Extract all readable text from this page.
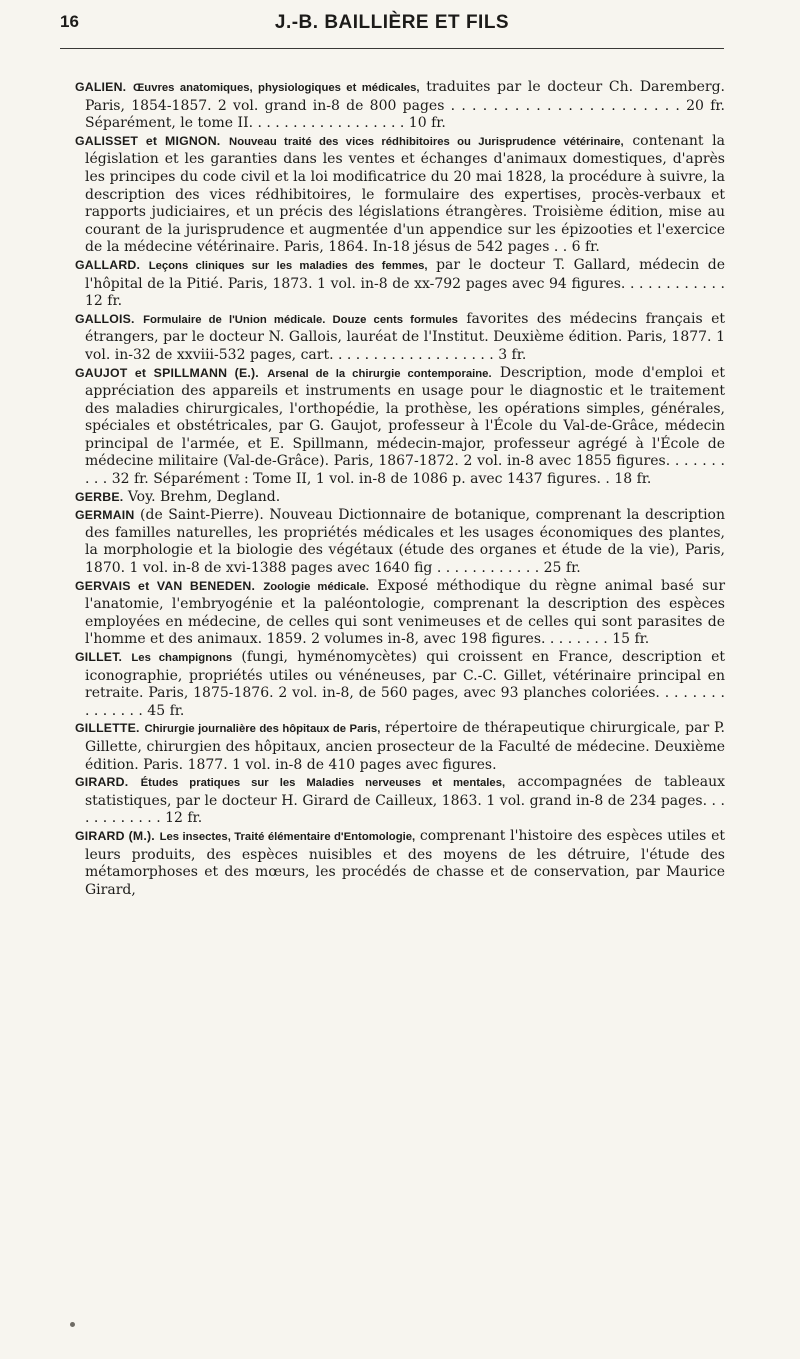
16	J.-B. BAILLIÈRE ET FILS

GALIEN. Œuvres anatomiques, physiologiques et médicales, traduites par le docteur Ch. Daremberg. Paris, 1854-1857. 2 vol. grand in-8 de 800 pages . . . . . . . . . . . . . . . . . . . . . . 20 fr. Séparément, le tome II. . . . . . . . . . . . . . . . . . 10 fr.

GALISSET et MIGNON. Nouveau traité des vices rédhibitoires ou Jurisprudence vétérinaire, contenant la législation et les garanties dans les ventes et échanges d'animaux domestiques, d'après les principes du code civil et la loi modificatrice du 20 mai 1828, la procédure à suivre, la description des vices rédhibitoires, le formulaire des expertises, procès-verbaux et rapports judiciaires, et un précis des législations étrangères. Troisième édition, mise au courant de la jurisprudence et augmentée d'un appendice sur les épizooties et l'exercice de la médecine vétérinaire. Paris, 1864. In-18 jésus de 542 pages . . 6 fr.

GALLARD. Leçons cliniques sur les maladies des femmes, par le docteur T. Gallard, médecin de l'hôpital de la Pitié. Paris, 1873. 1 vol. in-8 de xx-792 pages avec 94 figures. . . . . . . . . . . . 12 fr.

GALLOIS. Formulaire de l'Union médicale. Douze cents formules favorites des médecins français et étrangers, par le docteur N. Gallois, lauréat de l'Institut. Deuxième édition. Paris, 1877. 1 vol. in-32 de xxviii-532 pages, cart. . . . . . . . . . . . . . . . . . . 3 fr.

GAUJOT et SPILLMANN (E.). Arsenal de la chirurgie contemporaine. Description, mode d'emploi et appréciation des appareils et instruments en usage pour le diagnostic et le traitement des maladies chirurgicales, l'orthopédie, la prothèse, les opérations simples, générales, spéciales et obstétricales, par G. Gaujot, professeur à l'École du Val-de-Grâce, médecin principal de l'armée, et E. Spillmann, médecin-major, professeur agrégé à l'École de médecine militaire (Val-de-Grâce). Paris, 1867-1872. 2 vol. in-8 avec 1855 figures. . . . . . . . . . 32 fr. Séparément : Tome II, 1 vol. in-8 de 1086 p. avec 1437 figures. . 18 fr.

GERBE. Voy. Brehm, Degland.

GERMAIN (de Saint-Pierre). Nouveau Dictionnaire de botanique, comprenant la description des familles naturelles, les propriétés médicales et les usages économiques des plantes, la morphologie et la biologie des végétaux (étude des organes et étude de la vie), Paris, 1870. 1 vol. in-8 de xvi-1388 pages avec 1640 fig . . . . . . . . . . . . 25 fr.

GERVAIS et VAN BENEDEN. Zoologie médicale. Exposé méthodique du règne animal basé sur l'anatomie, l'embryogénie et la paléontologie, comprenant la description des espèces employées en médecine, de celles qui sont venimeuses et de celles qui sont parasites de l'homme et des animaux. 1859. 2 volumes in-8, avec 198 figures. . . . . . . . 15 fr.

GILLET. Les champignons (fungi, hyménomycètes) qui croissent en France, description et iconographie, propriétés utiles ou vénéneuses, par C.-C. Gillet, vétérinaire principal en retraite. Paris, 1875-1876. 2 vol. in-8, de 560 pages, avec 93 planches coloriées. . . . . . . . . . . . . . . 45 fr.

GILLETTE. Chirurgie journalière des hôpitaux de Paris, répertoire de thérapeutique chirurgicale, par P. Gillette, chirurgien des hôpitaux, ancien prosecteur de la Faculté de médecine. Deuxième édition. Paris. 1877. 1 vol. in-8 de 410 pages avec figures.

GIRARD. Études pratiques sur les Maladies nerveuses et mentales, accompagnées de tableaux statistiques, par le docteur H. Girard de Cailleux, 1863. 1 vol. grand in-8 de 234 pages. . . . . . . . . . . . 12 fr.

GIRARD (M.). Les insectes, Traité élémentaire d'Entomologie, comprenant l'histoire des espèces utiles et leurs produits, des espèces nuisibles et des moyens de les détruire, l'étude des métamorphoses et des mœurs, les procédés de chasse et de conservation, par Maurice Girard,
